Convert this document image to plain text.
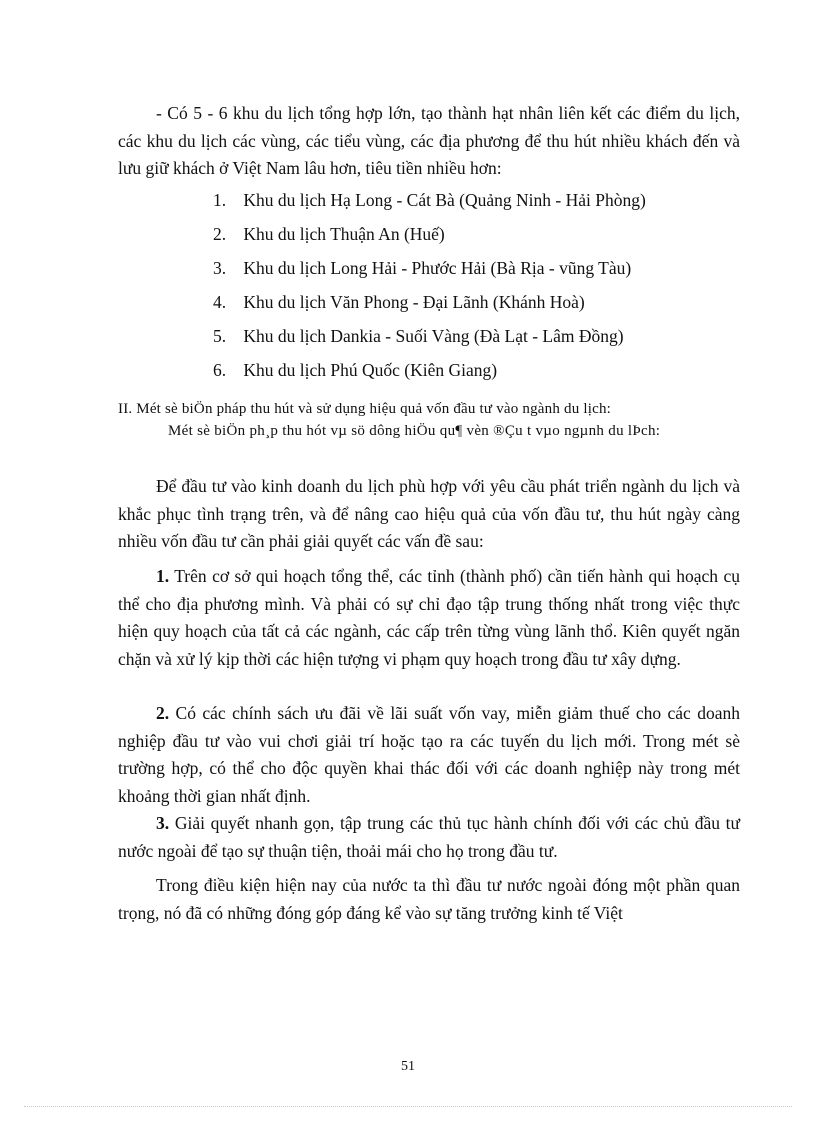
- Có 5 - 6 khu du lịch tổng hợp lớn, tạo thành hạt nhân liên kết các điểm du lịch, các khu du lịch các vùng, các tiểu vùng, các địa phương để thu hút nhiều khách đến và lưu giữ khách ở Việt Nam lâu hơn, tiêu tiền nhiều hơn:
1. Khu du lịch Hạ Long - Cát Bà (Quảng Ninh - Hải Phòng)
2. Khu du lịch Thuận An (Huế)
3. Khu du lịch Long Hải - Phước Hải (Bà Rịa - vũng Tàu)
4. Khu du lịch Văn Phong - Đại Lãnh (Khánh Hoà)
5. Khu du lịch Dankia - Suối Vàng (Đà Lạt - Lâm Đồng)
6. Khu du lịch Phú Quốc (Kiên Giang)
II. Mét sè biÖn pháp thu hút và sử dụng hiệu quả vốn đầu tư vào ngành du lịch:
Mét sè biÖn ph¸p thu hót vµ sö dông hiÖu qu¶ vèn ®Çu t vµo ngµnh du lÞch:
Để đầu tư vào kinh doanh du lịch phù hợp với yêu cầu phát triển ngành du lịch và khắc phục tình trạng trên, và để nâng cao hiệu quả của vốn đầu tư, thu hút ngày càng nhiều vốn đầu tư cần phải giải quyết các vấn đề sau:
1. Trên cơ sở qui hoạch tổng thể, các tỉnh (thành phố) cần tiến hành qui hoạch cụ thể cho địa phương mình. Và phải có sự chỉ đạo tập trung thống nhất trong việc thực hiện quy hoạch của tất cả các ngành, các cấp trên từng vùng lãnh thổ. Kiên quyết ngăn chặn và xử lý kịp thời các hiện tượng vi phạm quy hoạch trong đầu tư xây dựng.
2. Có các chính sách ưu đãi về lãi suất vốn vay, miễn giảm thuế cho các doanh nghiệp đầu tư vào vui chơi giải trí hoặc tạo ra các tuyến du lịch mới. Trong mét sè trường hợp, có thể cho độc quyền khai thác đối với các doanh nghiệp này trong mét khoảng thời gian nhất định.
3. Giải quyết nhanh gọn, tập trung các thủ tục hành chính đối với các chủ đầu tư nước ngoài để tạo sự thuận tiện, thoải mái cho họ trong đầu tư.
Trong điều kiện hiện nay của nước ta thì đầu tư nước ngoài đóng một phần quan trọng, nó đã có những đóng góp đáng kể vào sự tăng trưởng kinh tế Việt
51
